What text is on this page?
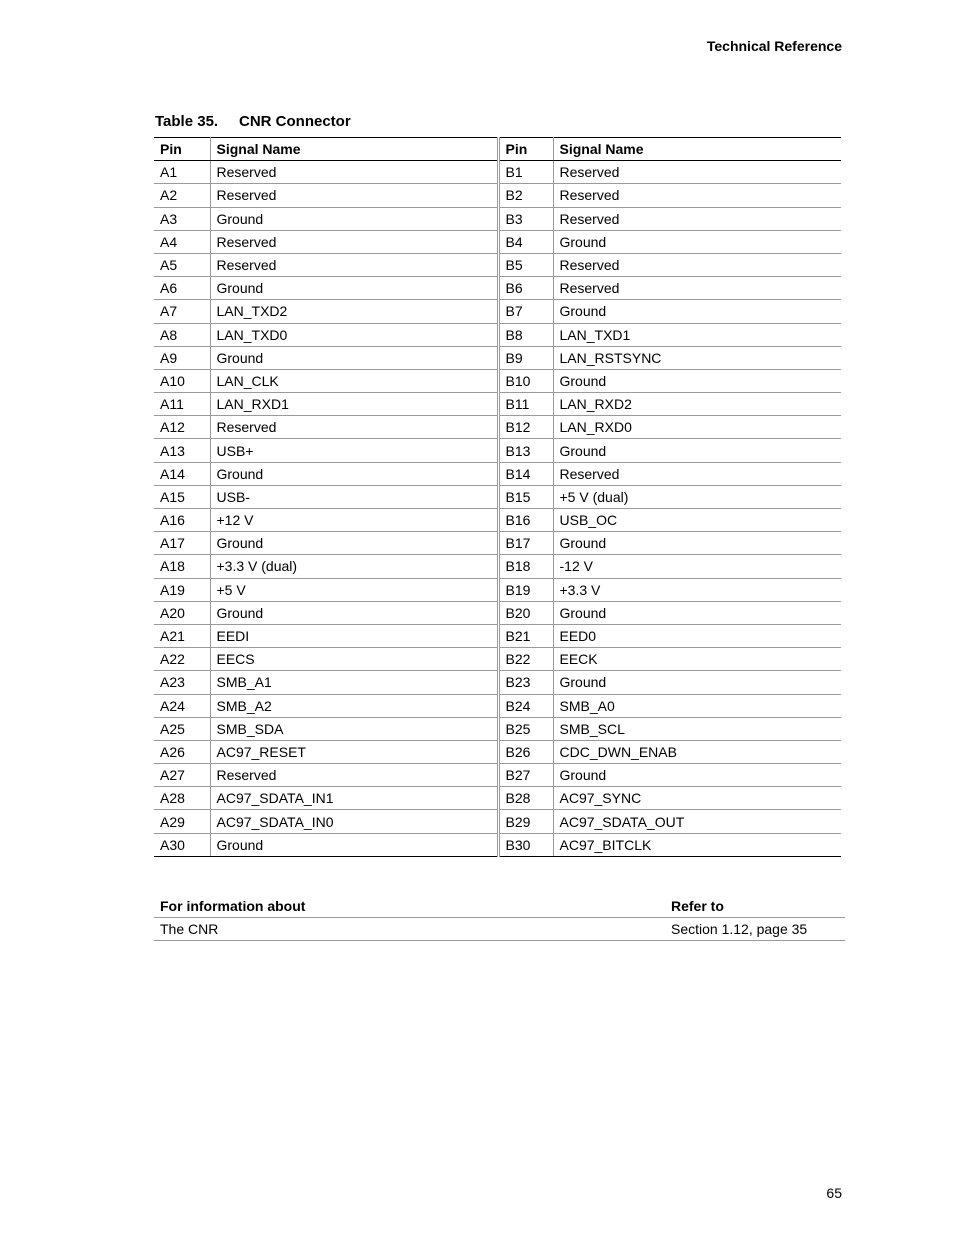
Technical Reference
Table 35. CNR Connector
Pin	Signal Name	Pin	Signal Name
A1	Reserved	B1	Reserved
A2	Reserved	B2	Reserved
A3	Ground	B3	Reserved
A4	Reserved	B4	Ground
A5	Reserved	B5	Reserved
A6	Ground	B6	Reserved
A7	LAN_TXD2	B7	Ground
A8	LAN_TXD0	B8	LAN_TXD1
A9	Ground	B9	LAN_RSTSYNC
A10	LAN_CLK	B10	Ground
A11	LAN_RXD1	B11	LAN_RXD2
A12	Reserved	B12	LAN_RXD0
A13	USB+	B13	Ground
A14	Ground	B14	Reserved
A15	USB-	B15	+5 V (dual)
A16	+12 V	B16	USB_OC
A17	Ground	B17	Ground
A18	+3.3 V (dual)	B18	-12 V
A19	+5 V	B19	+3.3 V
A20	Ground	B20	Ground
A21	EEDI	B21	EED0
A22	EECS	B22	EECK
A23	SMB_A1	B23	Ground
A24	SMB_A2	B24	SMB_A0
A25	SMB_SDA	B25	SMB_SCL
A26	AC97_RESET	B26	CDC_DWN_ENAB
A27	Reserved	B27	Ground
A28	AC97_SDATA_IN1	B28	AC97_SYNC
A29	AC97_SDATA_IN0	B29	AC97_SDATA_OUT
A30	Ground	B30	AC97_BITCLK
For information about	Refer to
The CNR	Section 1.12, page 35
65
